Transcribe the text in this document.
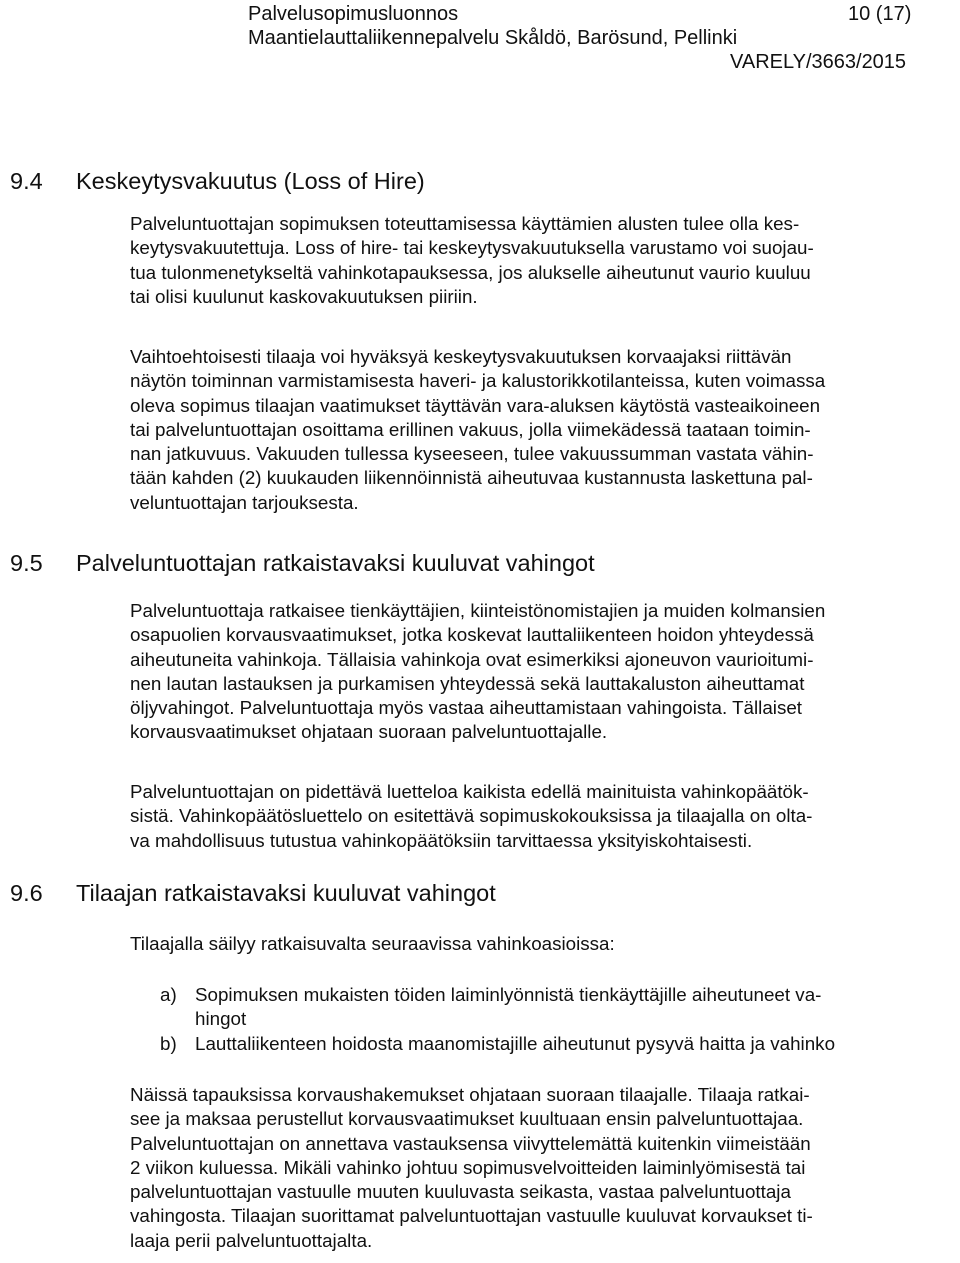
Palvelusopimusluonnos	10 (17)
Maantielauttaliikennepalvelu Skåldö, Barösund, Pellinki
VARELY/3663/2015
9.4 Keskeytysvakuutus (Loss of Hire)
Palveluntuottajan sopimuksen toteuttamisessa käyttämien alusten tulee olla kes-
keytysvakuutettuja. Loss of hire- tai keskeytysvakuutuksella varustamo voi suojau-
tua tulonmenetykseltä vahinkotapauksessa, jos alukselle aiheutunut vaurio kuuluu
tai olisi kuulunut kaskovakuutuksen piiriin.
Vaihtoehtoisesti tilaaja voi hyväksyä keskeytysvakuutuksen korvaajaksi riittävän
näytön toiminnan varmistamisesta haveri- ja kalustorikkotilanteissa, kuten voimassa
oleva sopimus tilaajan vaatimukset täyttävän vara-aluksen käytöstä vasteaikoineen
tai palveluntuottajan osoittama erillinen vakuus, jolla viimekädessä taataan toimin-
nan jatkuvuus. Vakuuden tullessa kyseeseen, tulee vakuussumman vastata vähin-
tään kahden (2) kuukauden liikennöinnistä aiheutuvaa kustannusta laskettuna pal-
veluntuottajan tarjouksesta.
9.5 Palveluntuottajan ratkaistavaksi kuuluvat vahingot
Palveluntuottaja ratkaisee tienkäyttäjien, kiinteistönomistajien ja muiden kolmansien
osapuolien korvausvaatimukset, jotka koskevat lauttaliikenteen hoidon yhteydessä
aiheutuneita vahinkoja. Tällaisia vahinkoja ovat esimerkiksi ajoneuvon vaurioitumi-
nen lautan lastauksen ja purkamisen yhteydessä sekä lauttakaluston aiheuttamat
öljyvahingot. Palveluntuottaja myös vastaa aiheuttamistaan vahingoista. Tällaiset
korvausvaatimukset ohjataan suoraan palveluntuottajalle.
Palveluntuottajan on pidettävä luetteloa kaikista edellä mainituista vahinkopäätök-
sistä. Vahinkopäätösluettelo on esitettävä sopimuskokouksissa ja tilaajalla on olta-
va mahdollisuus tutustua vahinkopäätöksiin tarvittaessa yksityiskohtaisesti.
9.6 Tilaajan ratkaistavaksi kuuluvat vahingot
Tilaajalla säilyy ratkaisuvalta seuraavissa vahinkoasioissa:
a) Sopimuksen mukaisten töiden laiminlyönnistä tienkäyttäjille aiheutuneet va-
hingot
b) Lauttaliikenteen hoidosta maanomistajille aiheutunut pysyvä haitta ja vahinko
Näissä tapauksissa korvaushakemukset ohjataan suoraan tilaajalle. Tilaaja ratkai-
see ja maksaa perustellut korvausvaatimukset kuultuaan ensin palveluntuottajaa.
Palveluntuottajan on annettava vastauksensa viivyttelemättä kuitenkin viimeistään
2 viikon kuluessa. Mikäli vahinko johtuu sopimusvelvoitteiden laiminlyömisestä tai
palveluntuottajan vastuulle muuten kuuluvasta seikasta, vastaa palveluntuottaja
vahingosta. Tilaajan suorittamat palveluntuottajan vastuulle kuuluvat korvaukset ti-
laaja perii palveluntuottajalta.
